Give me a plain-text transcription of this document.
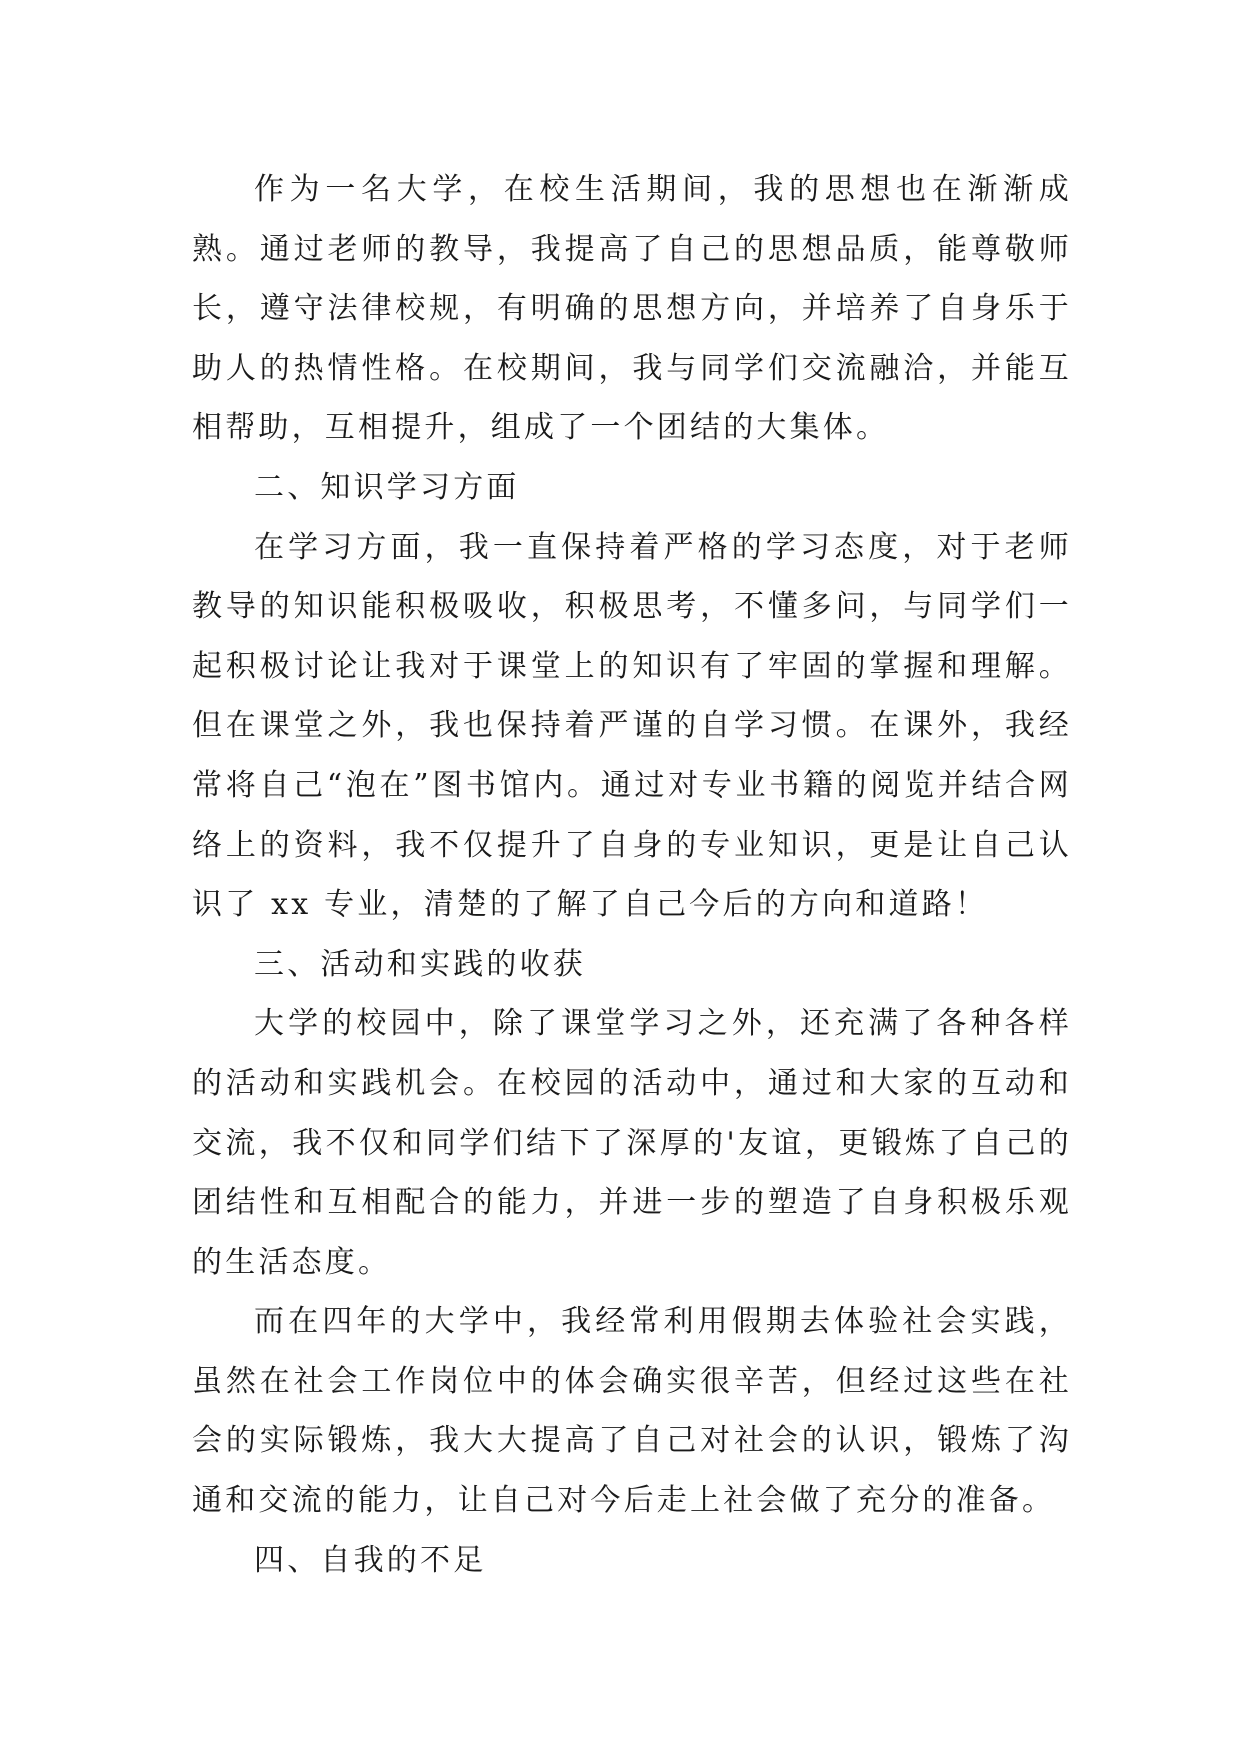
作为一名大学，在校生活期间，我的思想也在渐渐成熟。通过老师的教导，我提高了自己的思想品质，能尊敬师长，遵守法律校规，有明确的思想方向，并培养了自身乐于助人的热情性格。在校期间，我与同学们交流融洽，并能互相帮助，互相提升，组成了一个团结的大集体。

二、知识学习方面

在学习方面，我一直保持着严格的学习态度，对于老师教导的知识能积极吸收，积极思考，不懂多问，与同学们一起积极讨论让我对于课堂上的知识有了牢固的掌握和理解。但在课堂之外，我也保持着严谨的自学习惯。在课外，我经常将自己“泡在”图书馆内。通过对专业书籍的阅览并结合网络上的资料，我不仅提升了自身的专业知识，更是让自己认识了 xx 专业，清楚的了解了自己今后的方向和道路！

三、活动和实践的收获

大学的校园中，除了课堂学习之外，还充满了各种各样的活动和实践机会。在校园的活动中，通过和大家的互动和交流，我不仅和同学们结下了深厚的'友谊，更锻炼了自己的团结性和互相配合的能力，并进一步的塑造了自身积极乐观的生活态度。

而在四年的大学中，我经常利用假期去体验社会实践，虽然在社会工作岗位中的体会确实很辛苦，但经过这些在社会的实际锻炼，我大大提高了自己对社会的认识，锻炼了沟通和交流的能力，让自己对今后走上社会做了充分的准备。

四、自我的不足
